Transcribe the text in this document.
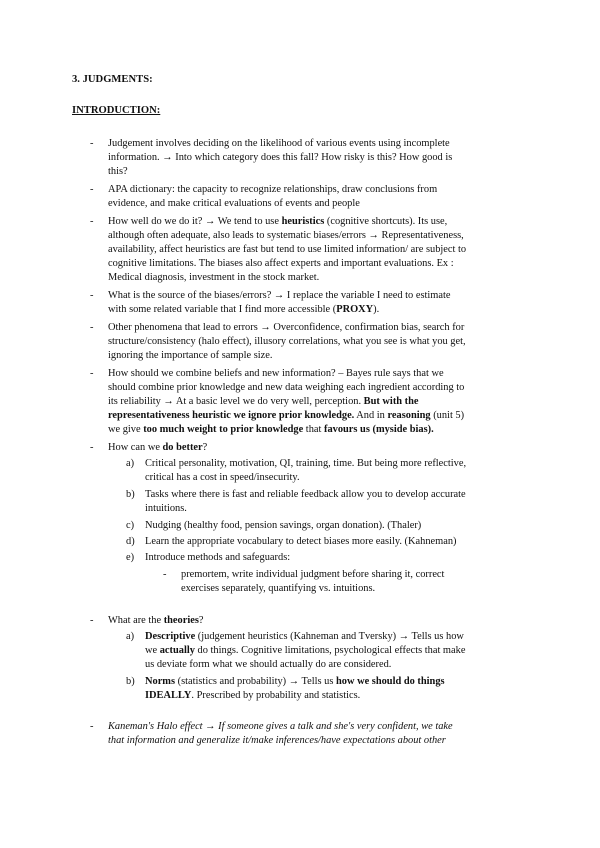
3. JUDGMENTS:
INTRODUCTION:
- Judgement involves deciding on the likelihood of various events using incomplete
information. → Into which category does this fall? How risky is this? How good is
this?
- APA dictionary: the capacity to recognize relationships, draw conclusions from
evidence, and make critical evaluations of events and people
- How well do we do it? → We tend to use heuristics (cognitive shortcuts). Its use,
although often adequate, also leads to systematic biases/errors → Representativeness,
availability, affect heuristics are fast but tend to use limited information/ are subject to
cognitive limitations. The biases also affect experts and important evaluations. Ex :
Medical diagnosis, investment in the stock market.
- What is the source of the biases/errors? → I replace the variable I need to estimate
with some related variable that I find more accessible (PROXY).
- Other phenomena that lead to errors → Overconfidence, confirmation bias, search for
structure/consistency (halo effect), illusory correlations, what you see is what you get,
ignoring the importance of sample size.
- How should we combine beliefs and new information? – Bayes rule says that we
should combine prior knowledge and new data weighing each ingredient according to
its reliability → At a basic level we do very well, perception. But with the
representativeness heuristic we ignore prior knowledge. And in reasoning (unit 5)
we give too much weight to prior knowledge that favours us (myside bias).
- How can we do better?
a) Critical personality, motivation, QI, training, time. But being more reflective,
critical has a cost in speed/insecurity.
b) Tasks where there is fast and reliable feedback allow you to develop accurate
intuitions.
c) Nudging (healthy food, pension savings, organ donation). (Thaler)
d) Learn the appropriate vocabulary to detect biases more easily. (Kahneman)
e) Introduce methods and safeguards:
- premortem, write individual judgment before sharing it, correct
exercises separately, quantifying vs. intuitions.
- What are the theories?
a) Descriptive (judgement heuristics (Kahneman and Tversky) → Tells us how
we actually do things. Cognitive limitations, psychological effects that make
us deviate form what we should actually do are considered.
b) Norms (statistics and probability) → Tells us how we should do things
IDEALLY. Prescribed by probability and statistics.
- Kaneman's Halo effect → If someone gives a talk and she's very confident, we take
that information and generalize it/make inferences/have expectations about other
